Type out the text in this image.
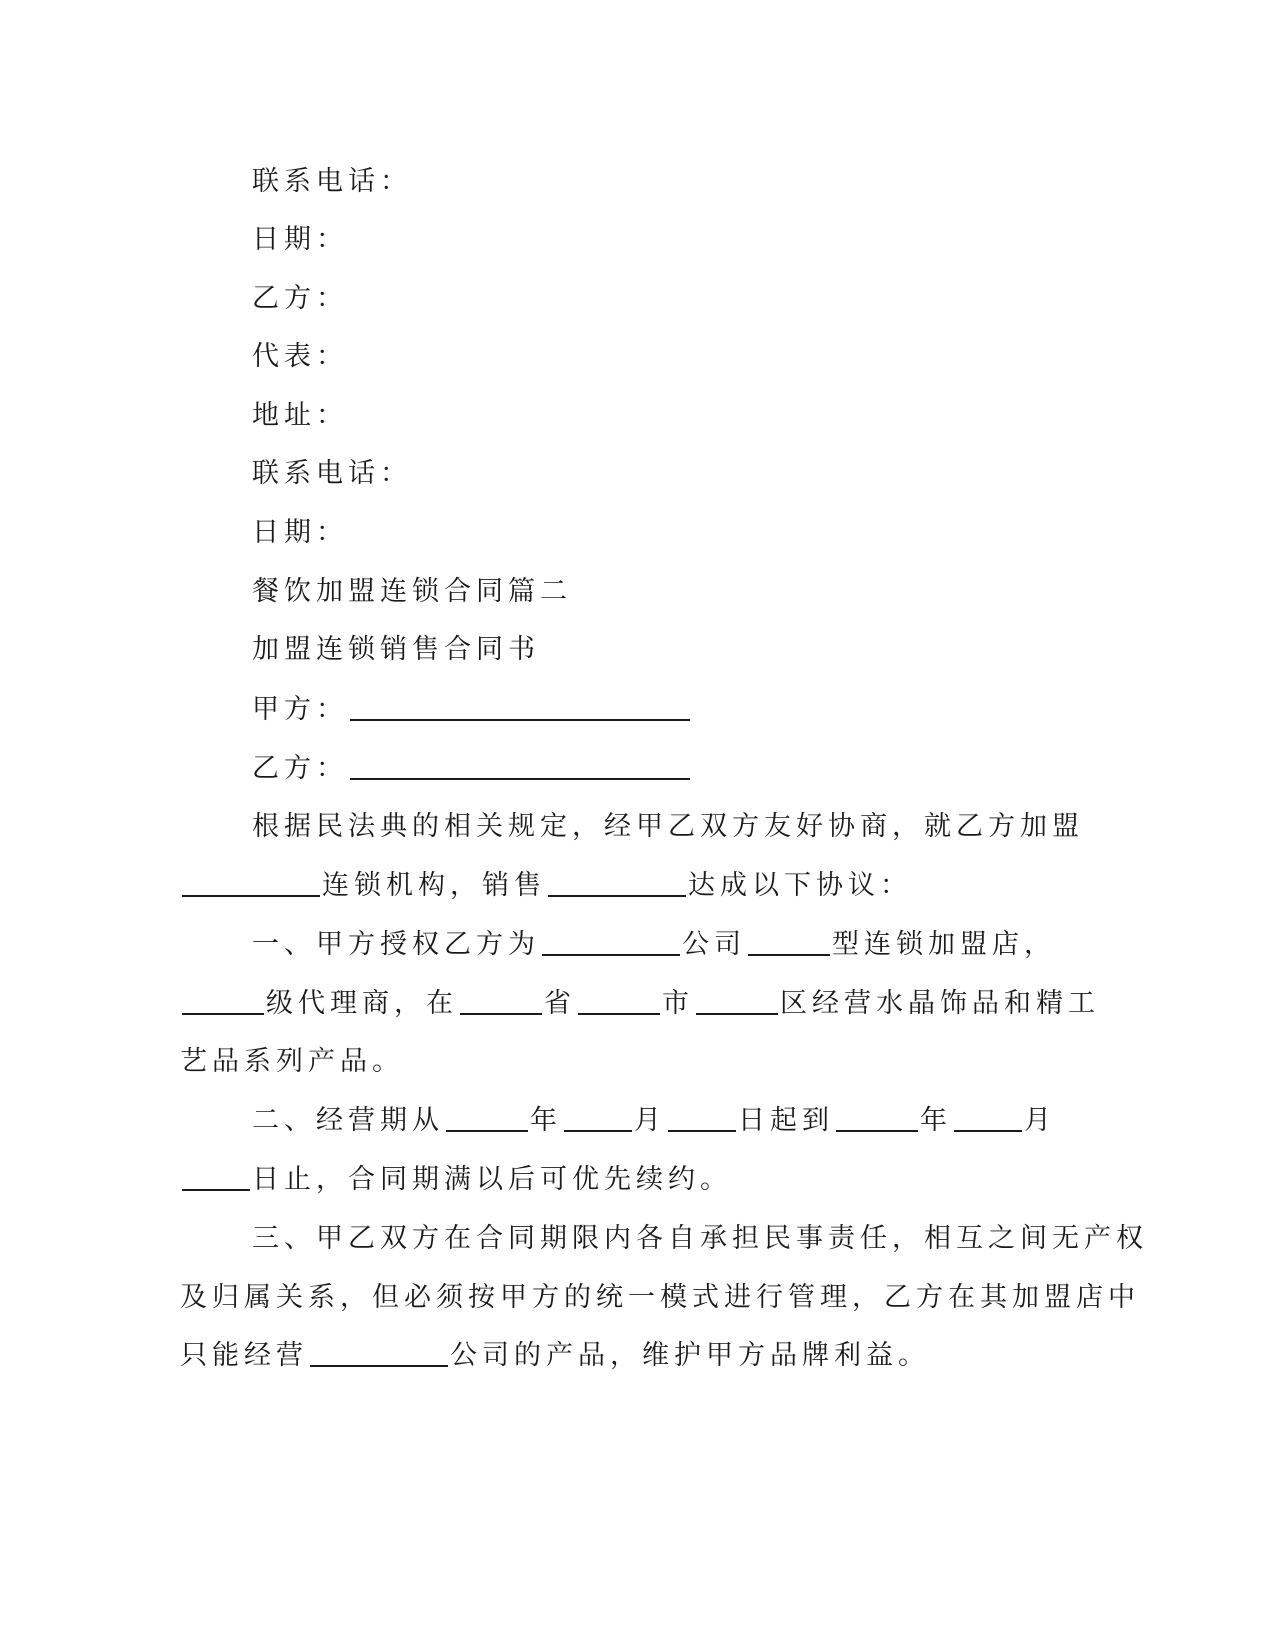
联系电话：
日期：
乙方：
代表：
地址：
联系电话：
日期：
餐饮加盟连锁合同篇二
加盟连锁销售合同书
甲方：
乙方：
根据民法典的相关规定，经甲乙双方友好协商，就乙方加盟
连锁机构，销售	达成以下协议：
一、甲方授权乙方为	公司	型连锁加盟店，
级代理商，在	省	市	区经营水晶饰品和精工
艺品系列产品。
二、经营期从	年	月	日起到	年	月
日止，合同期满以后可优先续约。
三、甲乙双方在合同期限内各自承担民事责任，相互之间无产权
及归属关系，但必须按甲方的统一模式进行管理，乙方在其加盟店中
只能经营	公司的产品，维护甲方品牌利益。
